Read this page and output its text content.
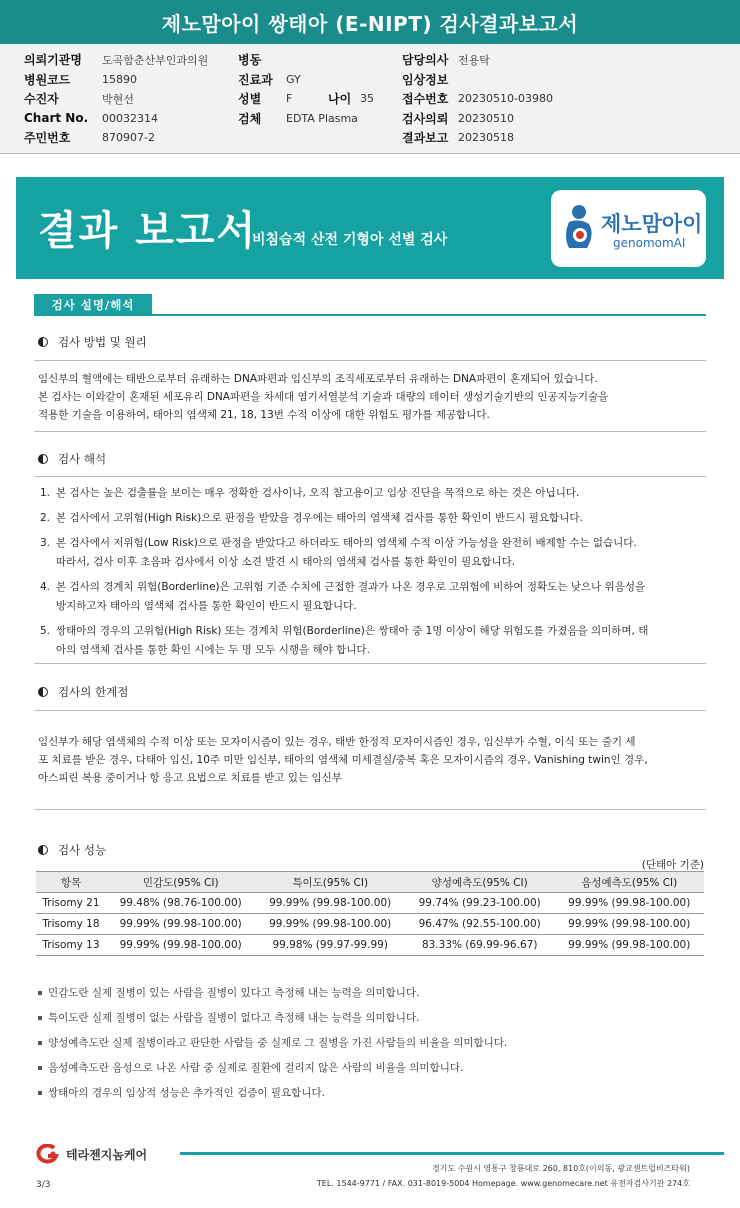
제노맘아이 쌍태아 (E-NIPT) 검사결과보고서
의뢰기관명	도곡함춘산부인과의원
병원코드	15890
수진자	박현선
Chart No.	00032314
주민번호	870907-2
병동
진료과	GY
성별	F
검체	EDTA Plasma
나이 35
담당의사 전용탁
임상정보
접수번호 20230510-03980
검사의뢰 20230510
결과보고 20230518
결과 보고서
비침습적 산전 기형아 선별 검사
제노맘아이
genomomAI
검사 설명/해석
검사 방법 및 원리
임신부의 혈액에는 태반으로부터 유래하는 DNA파편과 임신부의 조직세포로부터 유래하는 DNA파편이 혼재되어 있습니다.
본 검사는 이와같이 혼재된 세포유리 DNA파편을 차세대 염기서열분석 기술과 대량의 데이터 생성기술기반의 인공지능기술을
적용한 기술을 이용하여, 태아의 염색체 21, 18, 13번 수적 이상에 대한 위험도 평가를 제공합니다.
검사 해석
1. 본 검사는 높은 검출률을 보이는 매우 정확한 검사이나, 오직 참고용이고 임상 진단을 목적으로 하는 것은 아닙니다.
2. 본 검사에서 고위험(High Risk)으로 판정을 받았을 경우에는 태아의 염색체 검사를 통한 확인이 반드시 필요합니다.
3. 본 검사에서 저위험(Low Risk)으로 판정을 받았다고 하더라도 태아의 염색체 수적 이상 가능성을 완전히 배제할 수는 없습니다.
따라서, 검사 이후 초음파 검사에서 이상 소견 발견 시 태아의 염색체 검사를 통한 확인이 필요합니다.
4. 본 검사의 경계치 위험(Borderline)은 고위험 기준 수치에 근접한 결과가 나온 경우로 고위험에 비하여 정확도는 낮으나 위음성을
방지하고자 태아의 염색체 검사를 통한 확인이 반드시 필요합니다.
5. 쌍태아의 경우의 고위험(High Risk) 또는 경계치 위험(Borderline)은 쌍태아 중 1명 이상이 해당 위험도를 가졌음을 의미하며, 태
아의 염색체 검사를 통한 확인 시에는 두 명 모두 시행을 해야 합니다.
검사의 한계점
임신부가 해당 염색체의 수적 이상 또는 모자이시즘이 있는 경우, 태반 한정적 모자이시즘인 경우, 임신부가 수혈, 이식 또는 줄기 세
포 치료를 받은 경우, 다태아 임신, 10주 미만 임신부, 태아의 염색체 미세결실/중복 혹은 모자이시즘의 경우, Vanishing twin인 경우,
아스피린 복용 중이거나 항 응고 요법으로 치료를 받고 있는 임신부
검사 성능
(단태아 기준)
항목	민감도(95% CI)	특이도(95% CI)	양성예측도(95% CI)	음성예측도(95% CI)
Trisomy 21	99.48% (98.76-100.00)	99.99% (99.98-100.00)	99.74% (99.23-100.00)	99.99% (99.98-100.00)
Trisomy 18	99.99% (99.98-100.00)	99.99% (99.98-100.00)	96.47% (92.55-100.00)	99.99% (99.98-100.00)
Trisomy 13	99.99% (99.98-100.00)	99.98% (99.97-99.99)	83.33% (69.99-96.67)	99.99% (99.98-100.00)
민감도란 실제 질병이 있는 사람을 질병이 있다고 측정해 내는 능력을 의미합니다.
특이도란 실제 질병이 없는 사람을 질병이 없다고 측정해 내는 능력을 의미합니다.
양성예측도란 실제 질병이라고 판단한 사람들 중 실제로 그 질병을 가진 사람들의 비율을 의미합니다.
음성예측도란 음성으로 나온 사람 중 실제로 질환에 걸리지 않은 사람의 비율을 의미합니다.
쌍태아의 경우의 임상적 성능은 추가적인 검증이 필요합니다.
테라젠지놈케어
경기도 수원시 영통구 창룡대로 260, 810호(이의동, 광교센트럴비즈타워)
TEL. 1544-9771 / FAX. 031-8019-5004 Homepage. www.genomecare.net 유전자검사기관 274호
3/3
